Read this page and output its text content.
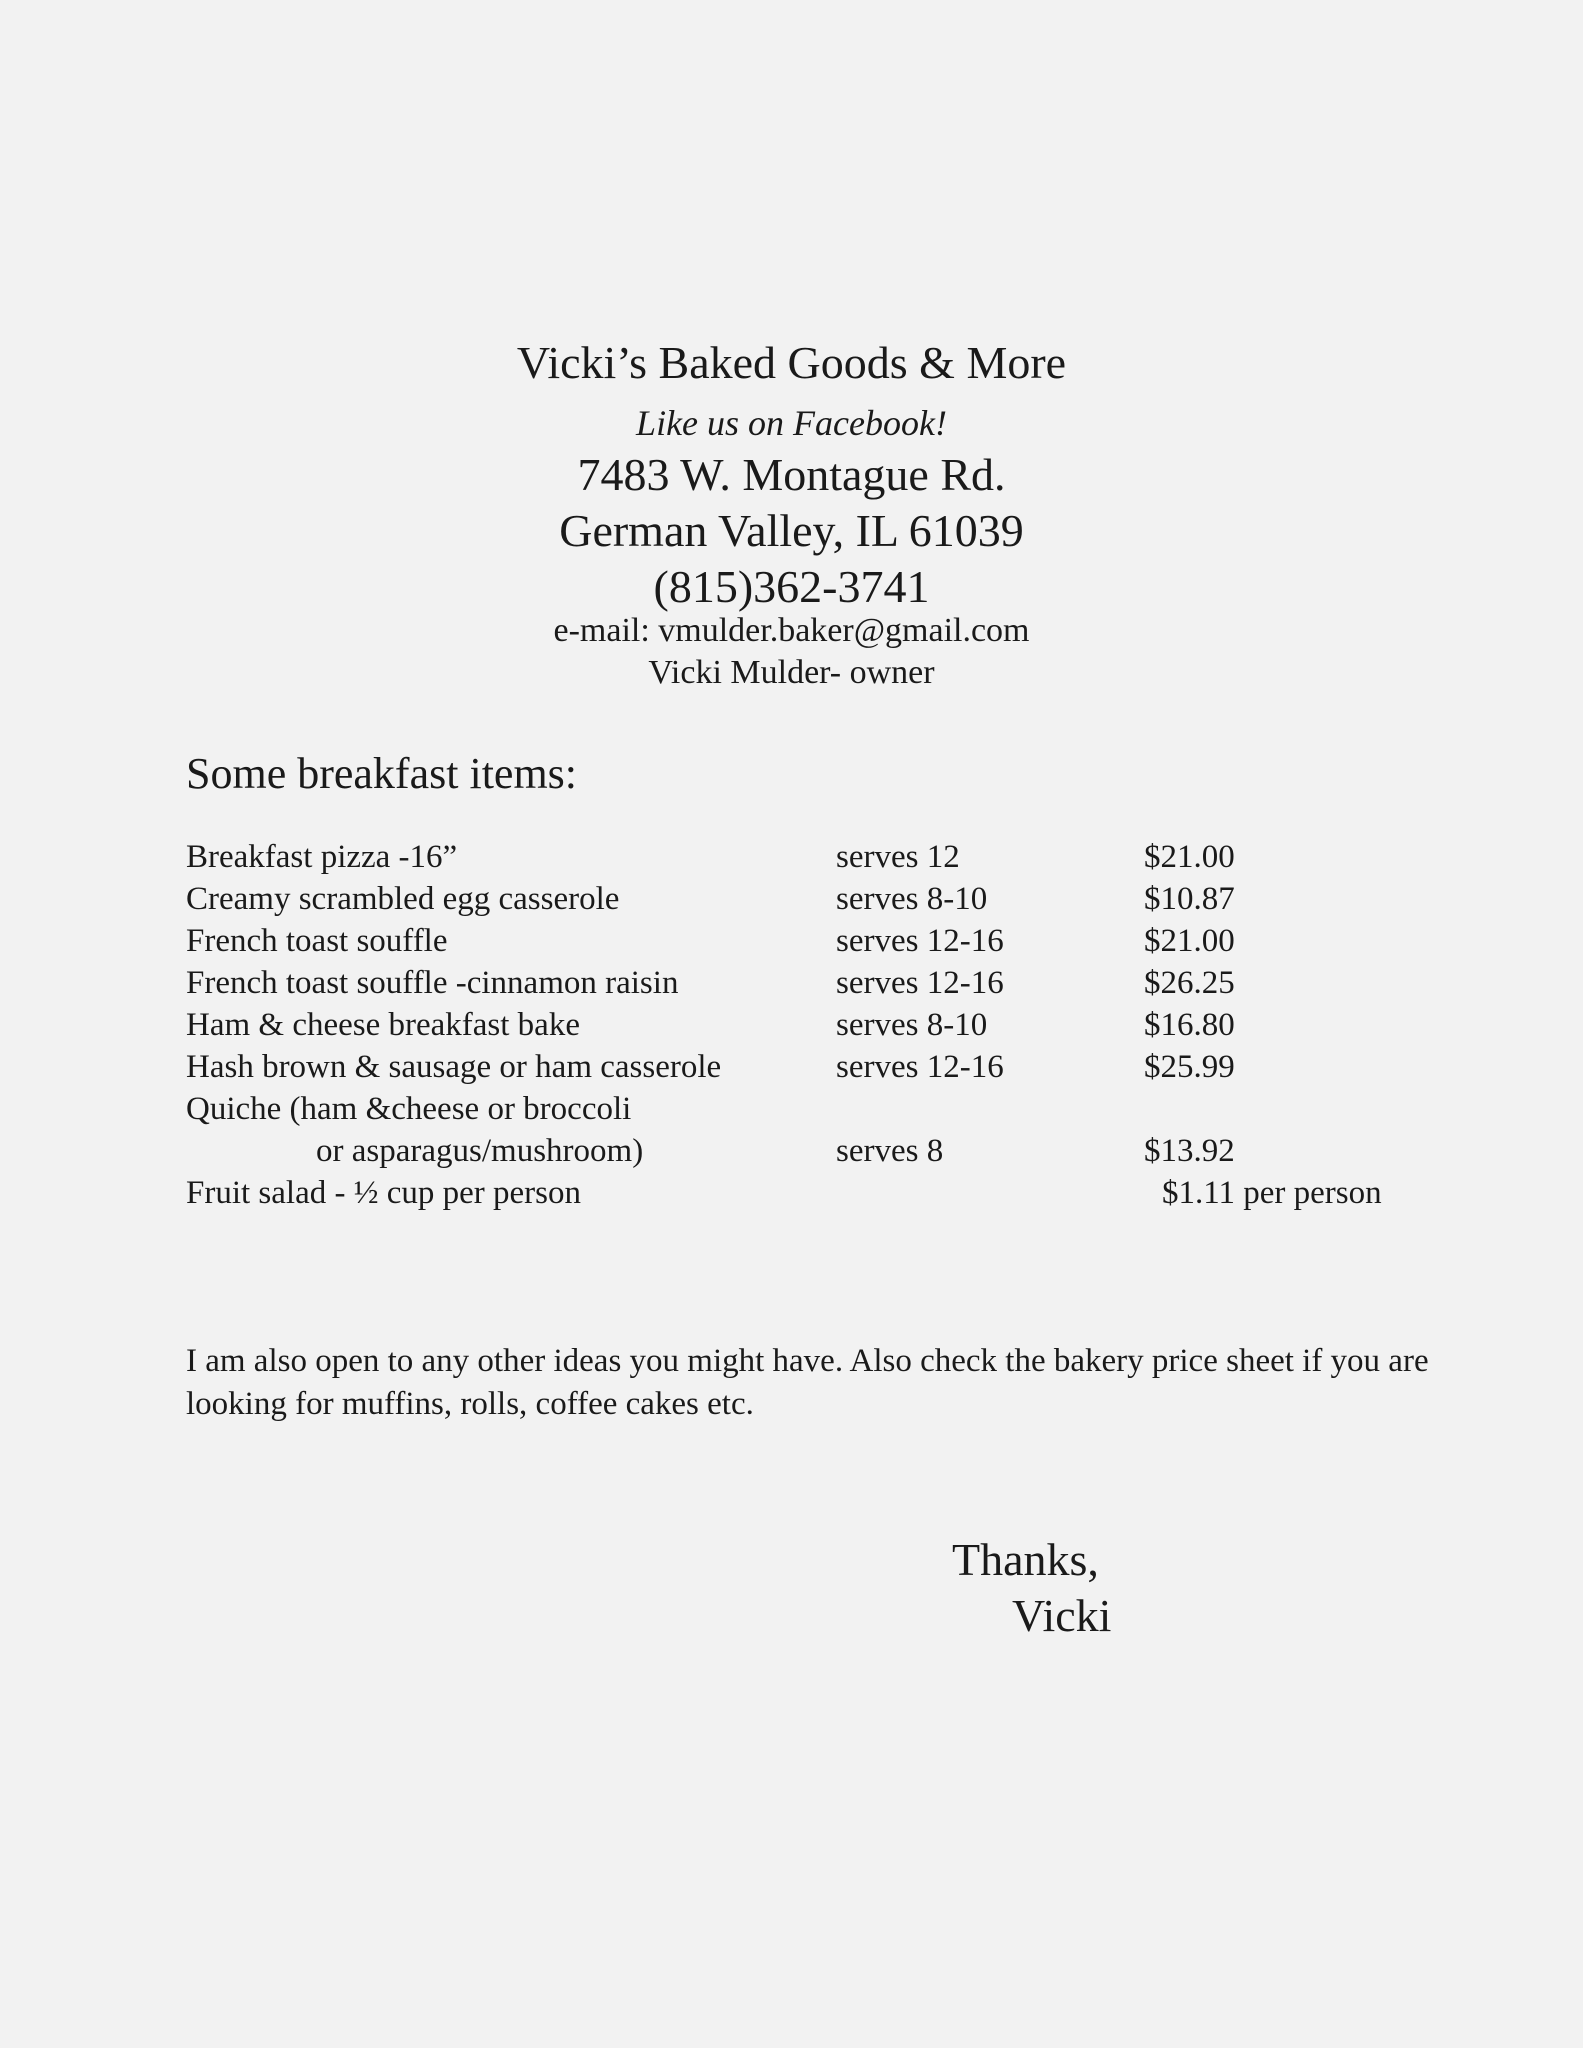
Vicki’s Baked Goods & More
Like us on Facebook!
7483 W. Montague Rd.
German Valley, IL 61039
(815)362-3741
e-mail: vmulder.baker@gmail.com
Vicki Mulder- owner
Some breakfast items:
Breakfast pizza -16”	serves 12	$21.00
Creamy scrambled egg casserole	serves 8-10	$10.87
French toast souffle	serves 12-16	$21.00
French toast souffle -cinnamon raisin	serves 12-16	$26.25
Ham & cheese breakfast bake	serves 8-10	$16.80
Hash brown & sausage or ham casserole	serves 12-16	$25.99
Quiche (ham &cheese or broccoli
or asparagus/mushroom)	serves 8	$13.92
Fruit salad - ½ cup per person	$1.11 per person
I am also open to any other ideas you might have. Also check the bakery price sheet if you are looking for muffins, rolls, coffee cakes etc.
Thanks,
Vicki
